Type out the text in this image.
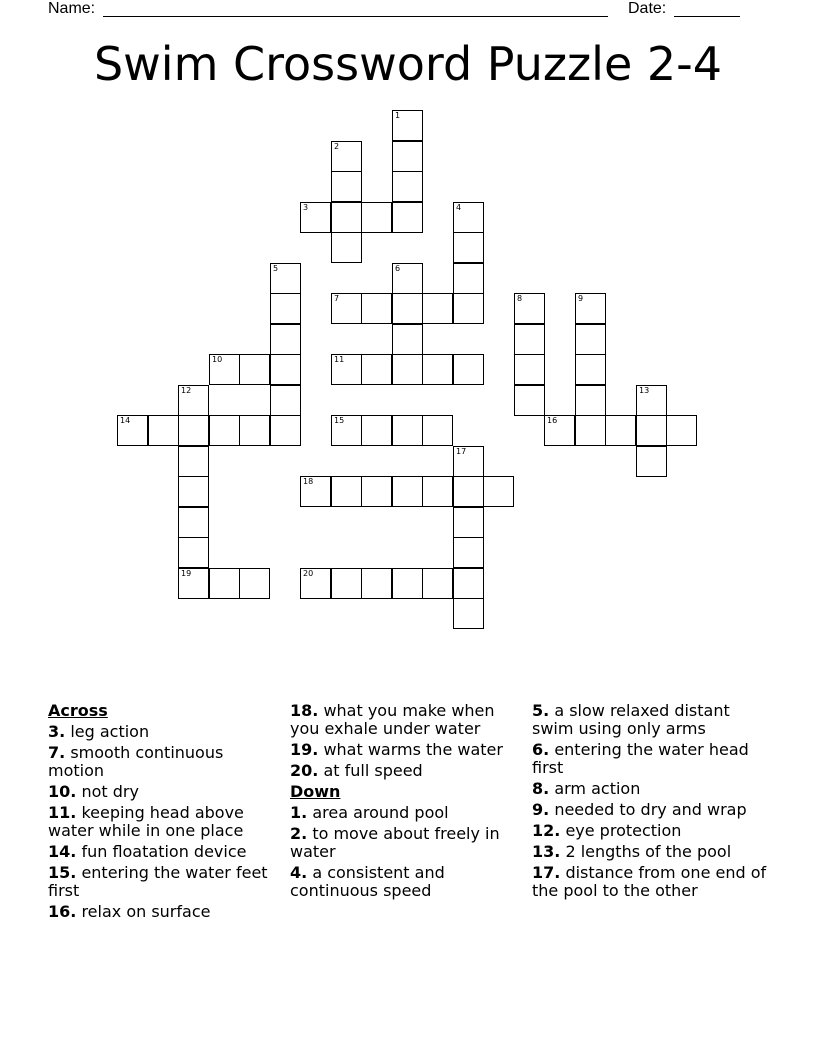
Name:	Date:
Swim Crossword Puzzle 2-4
1
2
3	4
5	6
7	8	9
10	11
12	13
14	15	16
17
18
19	20
Across
3. leg action
7. smooth continuous motion
10. not dry
11. keeping head above water while in one place
14. fun floatation device
15. entering the water feet first
16. relax on surface
18. what you make when you exhale under water
19. what warms the water
20. at full speed
Down
1. area around pool
2. to move about freely in water
4. a consistent and continuous speed
5. a slow relaxed distant swim using only arms
6. entering the water head first
8. arm action
9. needed to dry and wrap
12. eye protection
13. 2 lengths of the pool
17. distance from one end of the pool to the other
